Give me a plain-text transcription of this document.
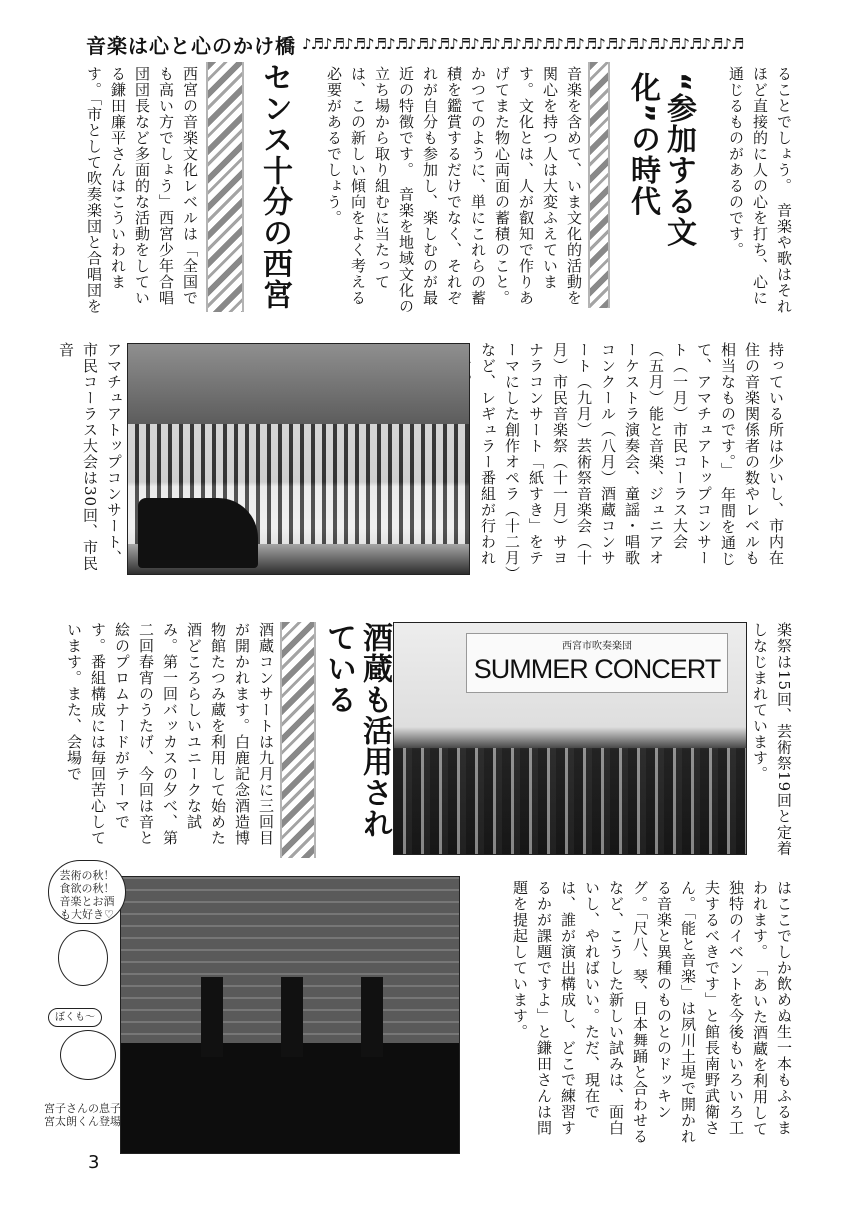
音楽は心と心のかけ橋 ♪♬♪♬♪♬♪♬♪♬♪♬♪♬♪♬♪♬♪♬♪♬♪♬♪♬♪♬♪♬♪♬♪♬♪♬♪♬♪♬♪♬
ることでしょう。　音楽や歌はそれほど直接的に人の心を打ち、心に通じるものがあるのです。
“参加する文化”の時代
音楽を含めて、いま文化的活動を関心を持つ人は大変ふえています。文化とは、人が叡知で作りあげてまた物心両面の蓄積のこと。かつてのように、単にこれらの蓄積を鑑賞するだけでなく、それぞれが自分も参加し、楽しむのが最近の特徴です。　音楽を地域文化の立ち場から取り組むに当たっては、この新しい傾向をよく考える必要があるでしょう。
センス十分の西宮
西宮の音楽文化レベルは「全国でも高い方でしょう」西宮少年合唱団団長など多面的な活動をしている鎌田廉平さんはこういわれます。「市として吹奏楽団と合唱団を
持っている所は少いし、市内在住の音楽関係者の数やレベルも相当なものです。」　年間を通じて、アマチュアトップコンサート（一月）市民コーラス大会（五月）能と音楽、ジュニアオーケストラ演奏会、童謡・唱歌コンクール（八月）酒蔵コンサート（九月）芸術祭音楽会（十月）市民音楽祭（十一月）サヨナラコンサート「紙すき」をテーマにした創作オペラ（十二月）など、レギュラー番組が行われ
アマチュアトップコンサート、市民コーラス大会は30回、市民音
楽祭は15回、芸術祭19回と定着しなじまれています。
西宮市吹奏楽団
SUMMER CONCERT
酒蔵も活用されている
酒蔵コンサートは九月に三回目が開かれます。白鹿記念酒造博物館たつみ蔵を利用して始めた酒どころらしいユニークな試み。第一回バッカスの夕べ、第二回春宵のうたげ、今回は音と絵のプロムナードがテーマです。番組構成には毎回苦心しています。また、会場で
はここでしか飲めぬ生一本もふるまわれます。　「あいた酒蔵を利用して独特のイベントを今後もいろいろ工夫するべきです」と館長南野武衛さん。「能と音楽」は夙川土堤で開かれる音楽と異種のものとのドッキング。「尺八、琴、日本舞踊と合わせるなど、こうした新しい試みは、面白いし、やればいい。ただ、現在では、誰が演出構成し、どこで練習するかが課題ですよ」と鎌田さんは問題を提起しています。
芸術の秋！食欲の秋！音楽とお酒も大好き♡
ぼくも〜
宮子さんの息子 宮太朗くん登場
3
